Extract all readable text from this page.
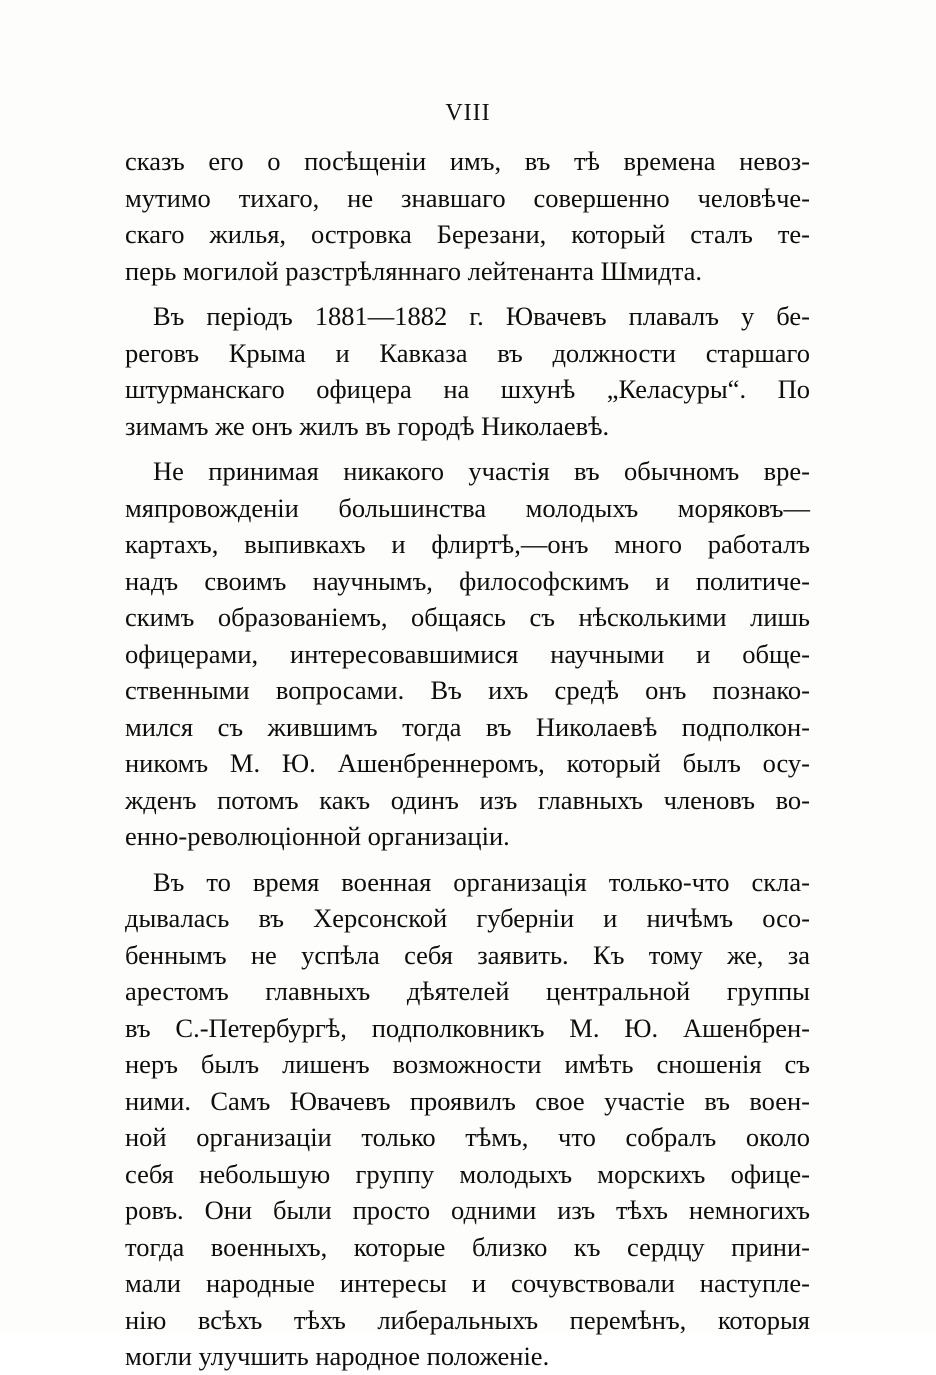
VIII
сказъ его о посѣщеніи имъ, въ тѣ времена невоз-
мутимо тихаго, не знавшаго совершенно человѣче-
скаго жилья, островка Березани, который сталъ те-
перь могилой разстрѣляннаго лейтенанта Шмидта.
Въ періодъ 1881—1882 г. Ювачевъ плавалъ у бе-
реговъ Крыма и Кавказа въ должности старшаго
штурманскаго офицера на шхунѣ „Келасуры“. По
зимамъ же онъ жилъ въ городѣ Николаевѣ.
Не принимая никакого участія въ обычномъ вре-
мяпровожденіи большинства молодыхъ моряковъ—
картахъ, выпивкахъ и флиртѣ,—онъ много работалъ
надъ своимъ научнымъ, философскимъ и политиче-
скимъ образованіемъ, общаясь съ нѣсколькими лишь
офицерами, интересовавшимися научными и обще-
ственными вопросами. Въ ихъ средѣ онъ познако-
мился съ жившимъ тогда въ Николаевѣ подполкон-
никомъ М. Ю. Ашенбреннеромъ, который былъ осу-
жденъ потомъ какъ одинъ изъ главныхъ членовъ во-
енно-революціонной организаціи.
Въ то время военная организація только-что скла-
дывалась въ Херсонской губерніи и ничѣмъ осо-
беннымъ не успѣла себя заявить. Къ тому же, за
арестомъ главныхъ дѣятелей центральной группы
въ С.-Петербургѣ, подполковникъ М. Ю. Ашенбрен-
неръ былъ лишенъ возможности имѣть сношенія съ
ними. Самъ Ювачевъ проявилъ свое участіе въ воен-
ной организаціи только тѣмъ, что собралъ около
себя небольшую группу молодыхъ морскихъ офице-
ровъ. Они были просто одними изъ тѣхъ немногихъ
тогда военныхъ, которые близко къ сердцу прини-
мали народные интересы и сочувствовали наступле-
нію всѣхъ тѣхъ либеральныхъ перемѣнъ, которыя
могли улучшить народное положеніе.
